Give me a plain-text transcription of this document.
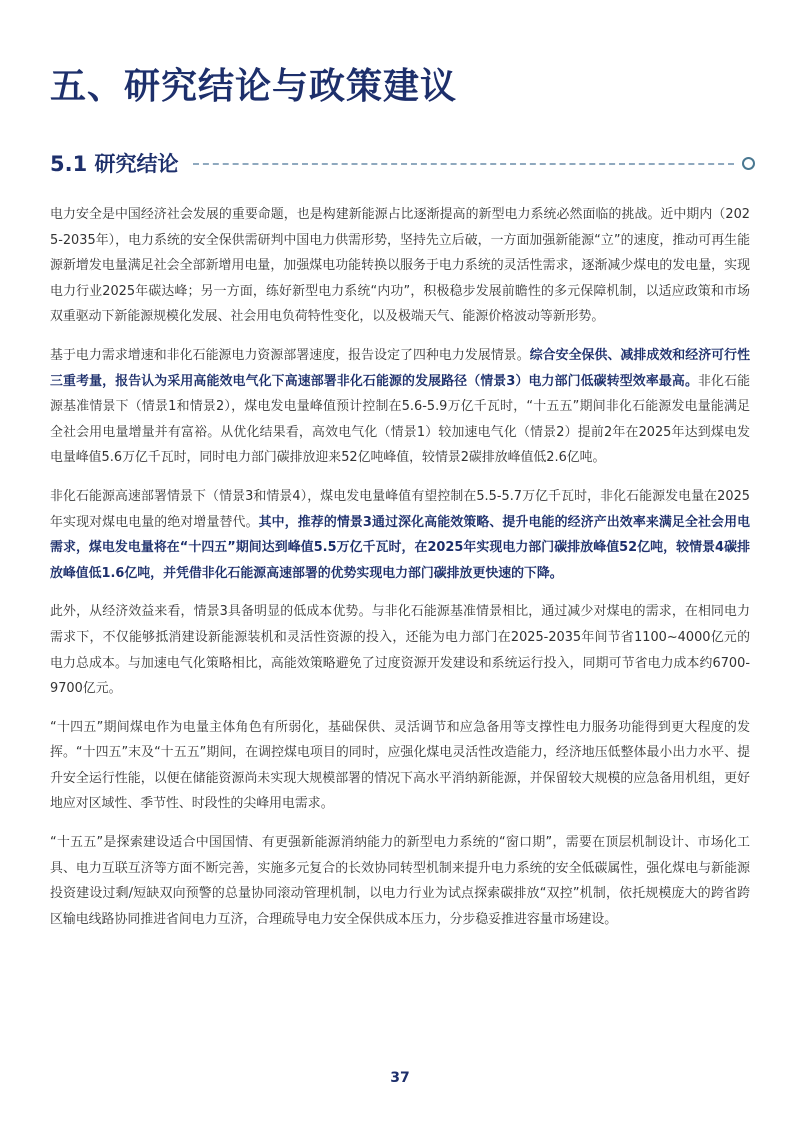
五、研究结论与政策建议
5.1 研究结论

电力安全是中国经济社会发展的重要命题，也是构建新能源占比逐渐提高的新型电力系统必然面临的挑战。近中期内（2025-2035年），电力系统的安全保供需研判中国电力供需形势，坚持先立后破，一方面加强新能源“立”的速度，推动可再生能源新增发电量满足社会全部新增用电量，加强煤电功能转换以服务于电力系统的灵活性需求，逐渐减少煤电的发电量，实现电力行业2025年碳达峰；另一方面，练好新型电力系统“内功”，积极稳步发展前瞻性的多元保障机制，以适应政策和市场双重驱动下新能源规模化发展、社会用电负荷特性变化，以及极端天气、能源价格波动等新形势。

基于电力需求增速和非化石能源电力资源部署速度，报告设定了四种电力发展情景。综合安全保供、减排成效和经济可行性三重考量，报告认为采用高能效电气化下高速部署非化石能源的发展路径（情景3）电力部门低碳转型效率最高。非化石能源基准情景下（情景1和情景2），煤电发电量峰值预计控制在5.6-5.9万亿千瓦时，“十五五”期间非化石能源发电量能满足全社会用电量增量并有富裕。从优化结果看，高效电气化（情景1）较加速电气化（情景2）提前2年在2025年达到煤电发电量峰值5.6万亿千瓦时，同时电力部门碳排放迎来52亿吨峰值，较情景2碳排放峰值低2.6亿吨。

非化石能源高速部署情景下（情景3和情景4），煤电发电量峰值有望控制在5.5-5.7万亿千瓦时，非化石能源发电量在2025年实现对煤电电量的绝对增量替代。其中，推荐的情景3通过深化高能效策略、提升电能的经济产出效率来满足全社会用电需求，煤电发电量将在“十四五”期间达到峰值5.5万亿千瓦时，在2025年实现电力部门碳排放峰值52亿吨，较情景4碳排放峰值低1.6亿吨，并凭借非化石能源高速部署的优势实现电力部门碳排放更快速的下降。

此外，从经济效益来看，情景3具备明显的低成本优势。与非化石能源基准情景相比，通过减少对煤电的需求，在相同电力需求下，不仅能够抵消建设新能源装机和灵活性资源的投入，还能为电力部门在2025-2035年间节省1100~4000亿元的电力总成本。与加速电气化策略相比，高能效策略避免了过度资源开发建设和系统运行投入，同期可节省电力成本约6700-9700亿元。

“十四五”期间煤电作为电量主体角色有所弱化，基础保供、灵活调节和应急备用等支撑性电力服务功能得到更大程度的发挥。“十四五”末及“十五五”期间，在调控煤电项目的同时，应强化煤电灵活性改造能力，经济地压低整体最小出力水平、提升安全运行性能，以便在储能资源尚未实现大规模部署的情况下高水平消纳新能源，并保留较大规模的应急备用机组，更好地应对区域性、季节性、时段性的尖峰用电需求。

“十五五”是探索建设适合中国国情、有更强新能源消纳能力的新型电力系统的“窗口期”，需要在顶层机制设计、市场化工具、电力互联互济等方面不断完善，实施多元复合的长效协同转型机制来提升电力系统的安全低碳属性，强化煤电与新能源投资建设过剩/短缺双向预警的总量协同滚动管理机制，以电力行业为试点探索碳排放“双控”机制，依托规模庞大的跨省跨区输电线路协同推进省间电力互济，合理疏导电力安全保供成本压力，分步稳妥推进容量市场建设。

37
